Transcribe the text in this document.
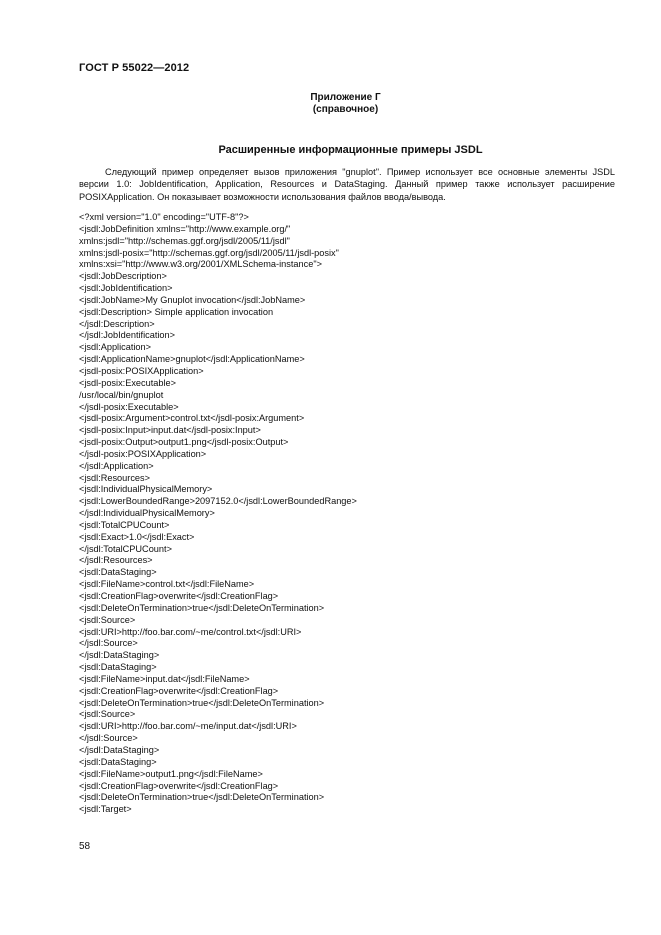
ГОСТ Р 55022—2012
Приложение Г
(справочное)
Расширенные информационные примеры JSDL

Следующий пример определяет вызов приложения "gnuplot". Пример использует все основные элементы JSDL версии 1.0: JobIdentification, Application, Resources и DataStaging. Данный пример также использует расширение POSIXApplication. Он показывает возможности использования файлов ввода/вывода.

<?xml version="1.0" encoding="UTF-8"?>
<jsdl:JobDefinition xmlns="http://www.example.org/"
xmlns:jsdl="http://schemas.ggf.org/jsdl/2005/11/jsdl"
xmlns:jsdl-posix="http://schemas.ggf.org/jsdl/2005/11/jsdl-posix"
xmlns:xsi="http://www.w3.org/2001/XMLSchema-instance">
<jsdl:JobDescription>
<jsdl:JobIdentification>
<jsdl:JobName>My Gnuplot invocation</jsdl:JobName>
<jsdl:Description> Simple application invocation
</jsdl:Description>
</jsdl:JobIdentification>
<jsdl:Application>
<jsdl:ApplicationName>gnuplot</jsdl:ApplicationName>
<jsdl-posix:POSIXApplication>
<jsdl-posix:Executable>
/usr/local/bin/gnuplot
</jsdl-posix:Executable>
<jsdl-posix:Argument>control.txt</jsdl-posix:Argument>
<jsdl-posix:Input>input.dat</jsdl-posix:Input>
<jsdl-posix:Output>output1.png</jsdl-posix:Output>
</jsdl-posix:POSIXApplication>
</jsdl:Application>
<jsdl:Resources>
<jsdl:IndividualPhysicalMemory>
<jsdl:LowerBoundedRange>2097152.0</jsdl:LowerBoundedRange>
</jsdl:IndividualPhysicalMemory>
<jsdl:TotalCPUCount>
<jsdl:Exact>1.0</jsdl:Exact>
</jsdl:TotalCPUCount>
</jsdl:Resources>
<jsdl:DataStaging>
<jsdl:FileName>control.txt</jsdl:FileName>
<jsdl:CreationFlag>overwrite</jsdl:CreationFlag>
<jsdl:DeleteOnTermination>true</jsdl:DeleteOnTermination>
<jsdl:Source>
<jsdl:URI>http://foo.bar.com/~me/control.txt</jsdl:URI>
</jsdl:Source>
</jsdl:DataStaging>
<jsdl:DataStaging>
<jsdl:FileName>input.dat</jsdl:FileName>
<jsdl:CreationFlag>overwrite</jsdl:CreationFlag>
<jsdl:DeleteOnTermination>true</jsdl:DeleteOnTermination>
<jsdl:Source>
<jsdl:URI>http://foo.bar.com/~me/input.dat</jsdl:URI>
</jsdl:Source>
</jsdl:DataStaging>
<jsdl:DataStaging>
<jsdl:FileName>output1.png</jsdl:FileName>
<jsdl:CreationFlag>overwrite</jsdl:CreationFlag>
<jsdl:DeleteOnTermination>true</jsdl:DeleteOnTermination>
<jsdl:Target>
58
